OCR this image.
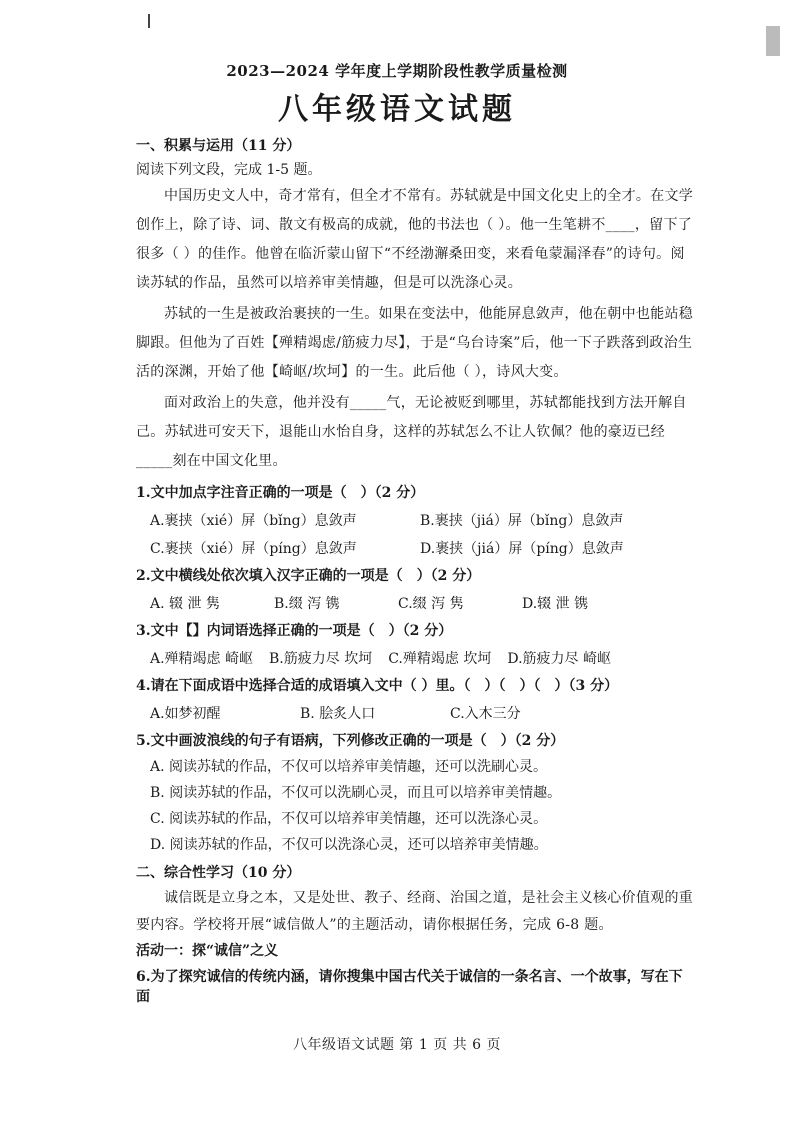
2023—2024 学年度上学期阶段性教学质量检测
八年级语文试题
一、积累与运用（11 分）
阅读下列文段，完成 1-5 题。
中国历史文人中，奇才常有，但全才不常有。苏轼就是中国文化史上的全才。在文学创作上，除了诗、词、散文有极高的成就，他的书法也（ ）。他一生笔耕不____，留下了很多（ ）的佳作。他曾在临沂蒙山留下“不经渤澥桑田变，来看龟蒙漏泽春”的诗句。阅读苏轼的作品，虽然可以培养审美情趣，但是可以洗涤心灵。
苏轼的一生是被政治裹挟的一生。如果在变法中，他能屏息敛声，他在朝中也能站稳脚跟。但他为了百姓【殚精竭虑/筋疲力尽】，于是“乌台诗案”后，他一下子跌落到政治生活的深渊，开始了他【崎岖/坎坷】的一生。此后他（ ），诗风大变。
面对政治上的失意，他并没有_____气，无论被贬到哪里，苏轼都能找到方法开解自己。苏轼进可安天下，退能山水怡自身，这样的苏轼怎么不让人钦佩？他的豪迈已经_____刻在中国文化里。
1.文中加点字注音正确的一项是（　）（2 分）
A.裹挟（xié）屏（bǐng）息敛声	B.裹挟（jiá）屏（bǐng）息敛声
C.裹挟（xié）屏（píng）息敛声	D.裹挟（jiá）屏（píng）息敛声
2.文中横线处依次填入汉字正确的一项是（　）（2 分）
A. 辍 泄 隽	B.缀 泻 镌	C.缀 泻 隽	D.辍 泄 镌
3.文中【】内词语选择正确的一项是（　）（2 分）
A.殚精竭虑 崎岖 B.筋疲力尽 坎坷 C.殚精竭虑 坎坷 D.筋疲力尽 崎岖
4.请在下面成语中选择合适的成语填入文中（ ）里。（　）（　）（　）（3 分）
A.如梦初醒	B. 脍炙人口	C.入木三分
5.文中画波浪线的句子有语病，下列修改正确的一项是（　）（2 分）
A. 阅读苏轼的作品，不仅可以培养审美情趣，还可以洗刷心灵。
B. 阅读苏轼的作品，不仅可以洗刷心灵，而且可以培养审美情趣。
C. 阅读苏轼的作品，不仅可以培养审美情趣，还可以洗涤心灵。
D. 阅读苏轼的作品，不仅可以洗涤心灵，还可以培养审美情趣。
二、综合性学习（10 分）
诚信既是立身之本，又是处世、教子、经商、治国之道，是社会主义核心价值观的重要内容。学校将开展“诚信做人”的主题活动，请你根据任务，完成 6-8 题。
活动一：探“诚信”之义
6.为了探究诚信的传统内涵，请你搜集中国古代关于诚信的一条名言、一个故事，写在下面
八年级语文试题 第 1 页 共 6 页
